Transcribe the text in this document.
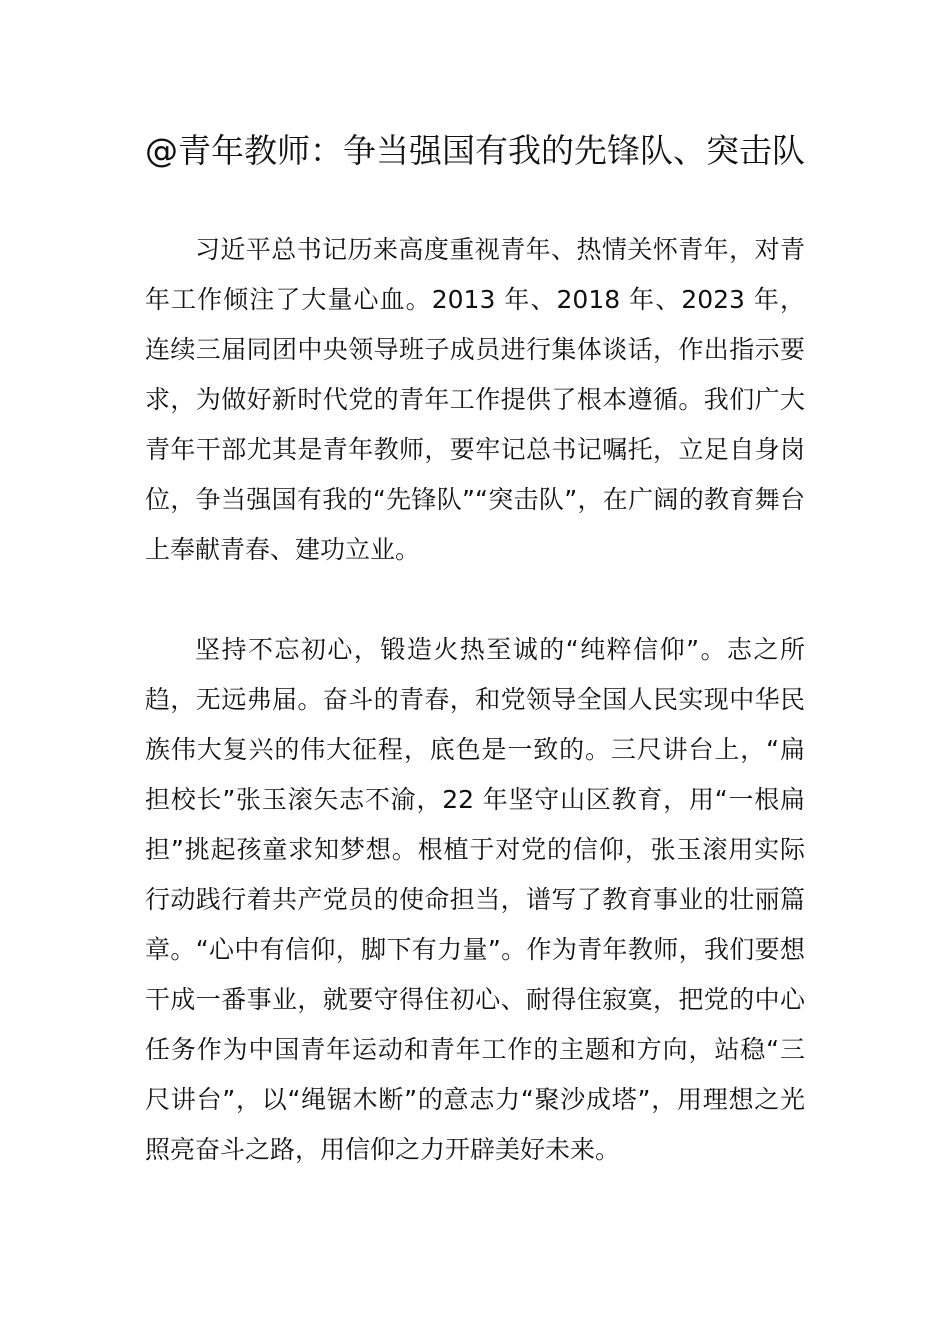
@青年教师：争当强国有我的先锋队、突击队

习近平总书记历来高度重视青年、热情关怀青年，对青年工作倾注了大量心血。2013 年、2018 年、2023 年，连续三届同团中央领导班子成员进行集体谈话，作出指示要求，为做好新时代党的青年工作提供了根本遵循。我们广大青年干部尤其是青年教师，要牢记总书记嘱托，立足自身岗位，争当强国有我的“先锋队”“突击队”，在广阔的教育舞台上奉献青春、建功立业。

坚持不忘初心，锻造火热至诚的“纯粹信仰”。志之所趋，无远弗届。奋斗的青春，和党领导全国人民实现中华民族伟大复兴的伟大征程，底色是一致的。三尺讲台上，“扁担校长”张玉滚矢志不渝，22 年坚守山区教育，用“一根扁担”挑起孩童求知梦想。根植于对党的信仰，张玉滚用实际行动践行着共产党员的使命担当，谱写了教育事业的壮丽篇章。“心中有信仰，脚下有力量”。作为青年教师，我们要想干成一番事业，就要守得住初心、耐得住寂寞，把党的中心任务作为中国青年运动和青年工作的主题和方向，站稳“三尺讲台”，以“绳锯木断”的意志力“聚沙成塔”，用理想之光照亮奋斗之路，用信仰之力开辟美好未来。
